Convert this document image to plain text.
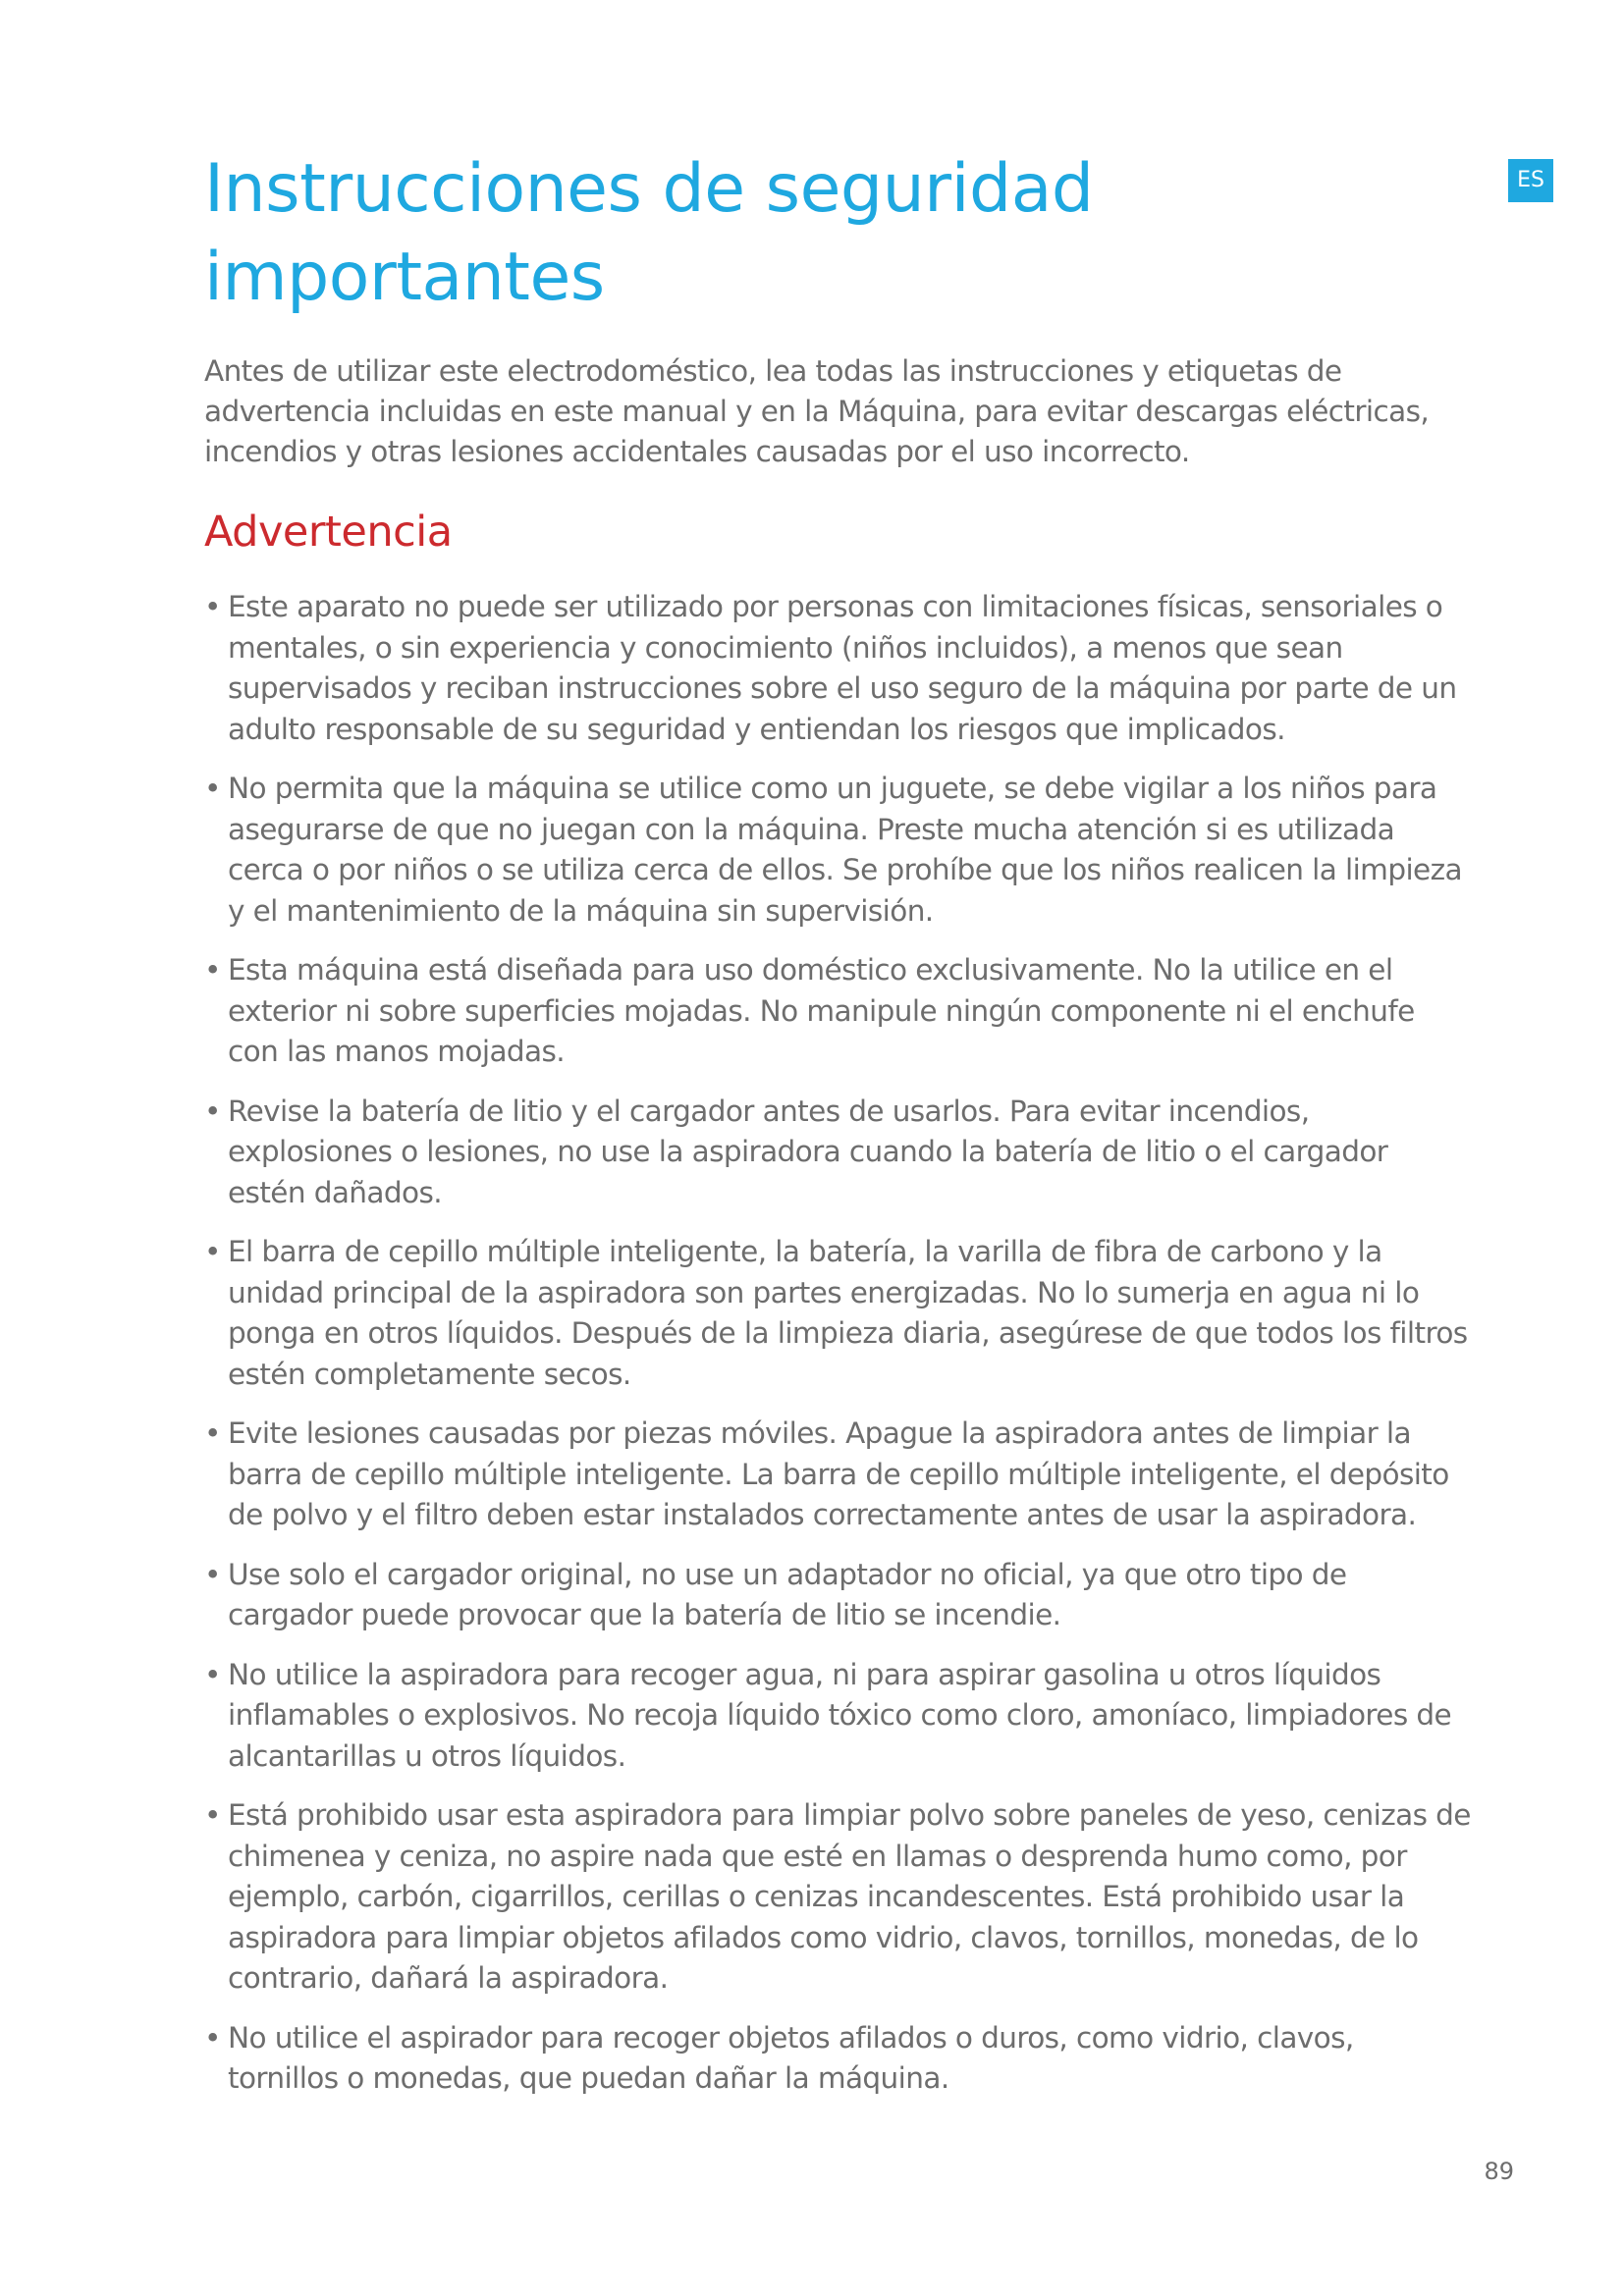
ES
Instrucciones de seguridad importantes

Antes de utilizar este electrodoméstico, lea todas las instrucciones y etiquetas de advertencia incluidas en este manual y en la Máquina, para evitar descargas eléctricas, incendios y otras lesiones accidentales causadas por el uso incorrecto.

Advertencia
• Este aparato no puede ser utilizado por personas con limitaciones físicas, sensoriales o mentales, o sin experiencia y conocimiento (niños incluidos), a menos que sean supervisados y reciban instrucciones sobre el uso seguro de la máquina por parte de un adulto responsable de su seguridad y entiendan los riesgos que implicados.
• No permita que la máquina se utilice como un juguete, se debe vigilar a los niños para asegurarse de que no juegan con la máquina. Preste mucha atención si es utilizada cerca o por niños o se utiliza cerca de ellos. Se prohíbe que los niños realicen la limpieza y el mantenimiento de la máquina sin supervisión.
• Esta máquina está diseñada para uso doméstico exclusivamente. No la utilice en el exterior ni sobre superficies mojadas. No manipule ningún componente ni el enchufe con las manos mojadas.
• Revise la batería de litio y el cargador antes de usarlos. Para evitar incendios, explosiones o lesiones, no use la aspiradora cuando la batería de litio o el cargador estén dañados.
• El barra de cepillo múltiple inteligente, la batería, la varilla de fibra de carbono y la unidad principal de la aspiradora son partes energizadas. No lo sumerja en agua ni lo ponga en otros líquidos. Después de la limpieza diaria, asegúrese de que todos los filtros estén completamente secos.
• Evite lesiones causadas por piezas móviles. Apague la aspiradora antes de limpiar la barra de cepillo múltiple inteligente. La barra de cepillo múltiple inteligente, el depósito de polvo y el filtro deben estar instalados correctamente antes de usar la aspiradora.
• Use solo el cargador original, no use un adaptador no oficial, ya que otro tipo de cargador puede provocar que la batería de litio se incendie.
• No utilice la aspiradora para recoger agua, ni para aspirar gasolina u otros líquidos inflamables o explosivos. No recoja líquido tóxico como cloro, amoníaco, limpiadores de alcantarillas u otros líquidos.
• Está prohibido usar esta aspiradora para limpiar polvo sobre paneles de yeso, cenizas de chimenea y ceniza, no aspire nada que esté en llamas o desprenda humo como, por ejemplo, carbón, cigarrillos, cerillas o cenizas incandescentes. Está prohibido usar la aspiradora para limpiar objetos afilados como vidrio, clavos, tornillos, monedas, de lo contrario, dañará la aspiradora.
• No utilice el aspirador para recoger objetos afilados o duros, como vidrio, clavos, tornillos o monedas, que puedan dañar la máquina.
89
